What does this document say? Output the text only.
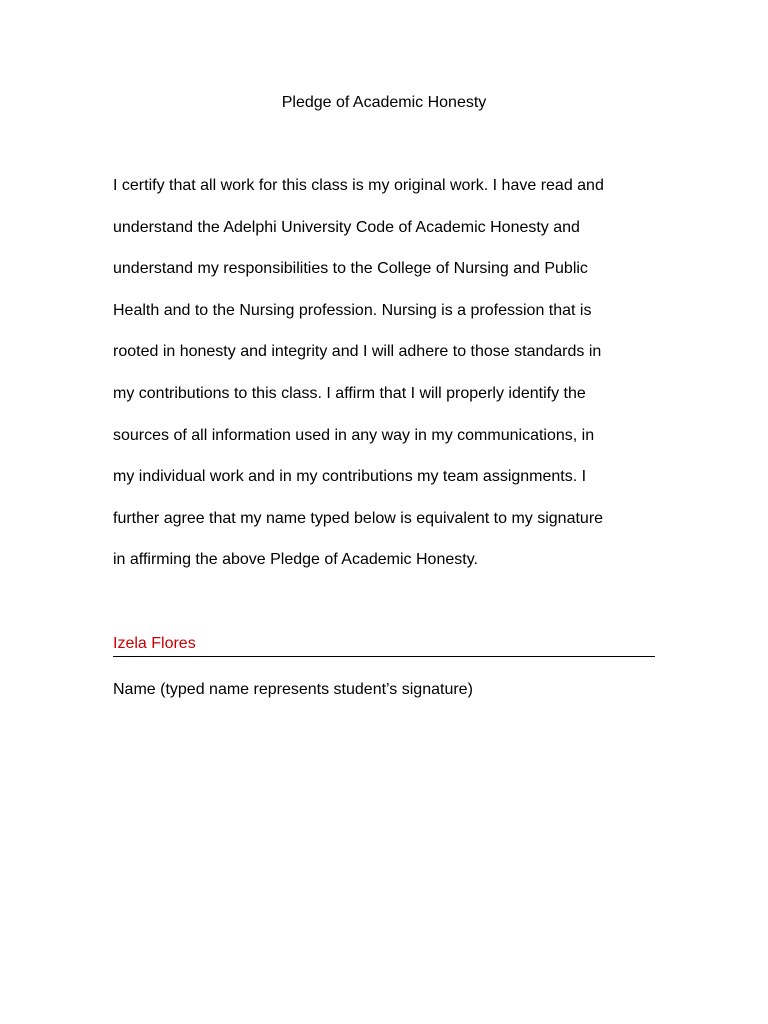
Pledge of Academic Honesty
I certify that all work for this class is my original work. I have read and
understand the Adelphi University Code of Academic Honesty and
understand my responsibilities to the College of Nursing and Public
Health and to the Nursing profession. Nursing is a profession that is
rooted in honesty and integrity and I will adhere to those standards in
my contributions to this class. I affirm that I will properly identify the
sources of all information used in any way in my communications, in
my individual work and in my contributions my team assignments. I
further agree that my name typed below is equivalent to my signature
in affirming the above Pledge of Academic Honesty.
Izela Flores
Name (typed name represents student’s signature)
